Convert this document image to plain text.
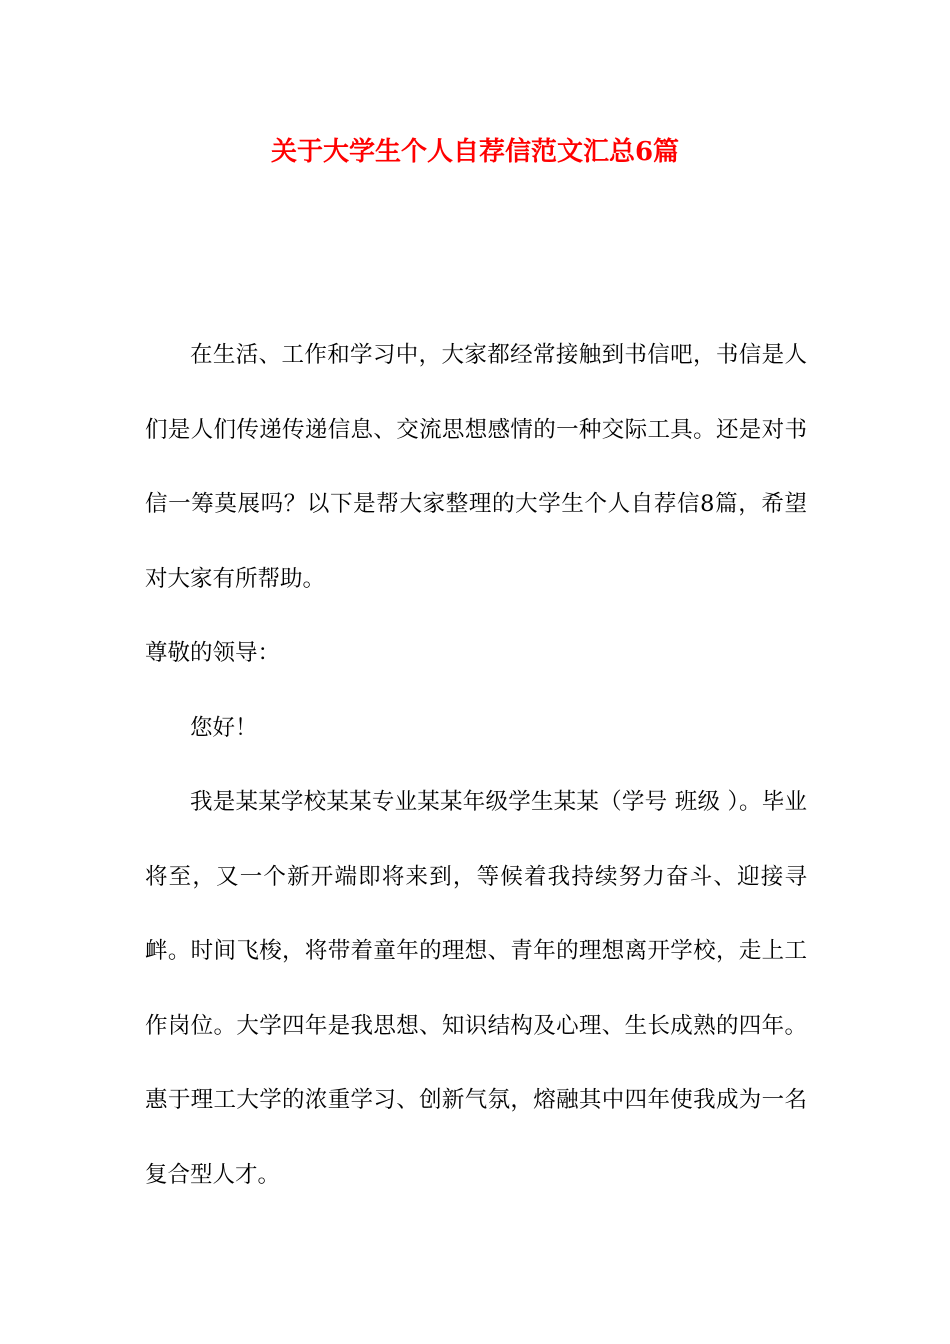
关于大学生个人自荐信范文汇总6篇

在生活、工作和学习中，大家都经常接触到书信吧，书信是人们是人们传递传递信息、交流思想感情的一种交际工具。还是对书信一筹莫展吗？以下是帮大家整理的大学生个人自荐信8篇，希望对大家有所帮助。

尊敬的领导：

您好！

我是某某学校某某专业某某年级学生某某（学号 班级 ）。毕业将至，又一个新开端即将来到，等候着我持续努力奋斗、迎接寻衅。时间飞梭，将带着童年的理想、青年的理想离开学校，走上工作岗位。大学四年是我思想、知识结构及心理、生长成熟的四年。惠于理工大学的浓重学习、创新气氛，熔融其中四年使我成为一名复合型人才。
